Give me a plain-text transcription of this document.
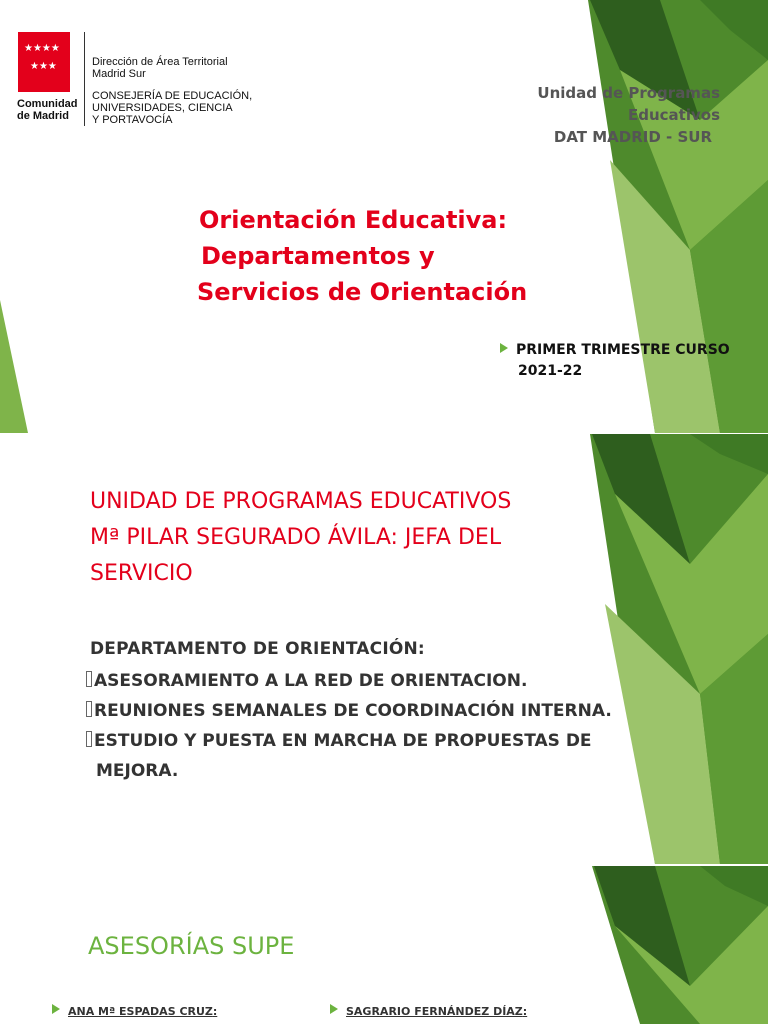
★★★★
★★★
Comunidad
de Madrid
Dirección de Área Territorial
Madrid Sur
CONSEJERÍA DE EDUCACIÓN,
UNIVERSIDADES, CIENCIA
Y PORTAVOCÍA
Unidad de Programas
Educativos
DAT MADRID - SUR
Orientación Educativa:
Departamentos y
Servicios de Orientación
PRIMER TRIMESTRE CURSO
2021-22
UNIDAD DE PROGRAMAS EDUCATIVOS
Mª PILAR SEGURADO ÁVILA: JEFA DEL
SERVICIO
DEPARTAMENTO DE ORIENTACIÓN:
ASESORAMIENTO A LA RED DE ORIENTACION.
REUNIONES SEMANALES DE COORDINACIÓN INTERNA.
ESTUDIO Y PUESTA EN MARCHA DE PROPUESTAS DE
MEJORA.
ASESORÍAS SUPE
ANA Mª ESPADAS CRUZ:	SAGRARIO FERNÁNDEZ DÍAZ:
